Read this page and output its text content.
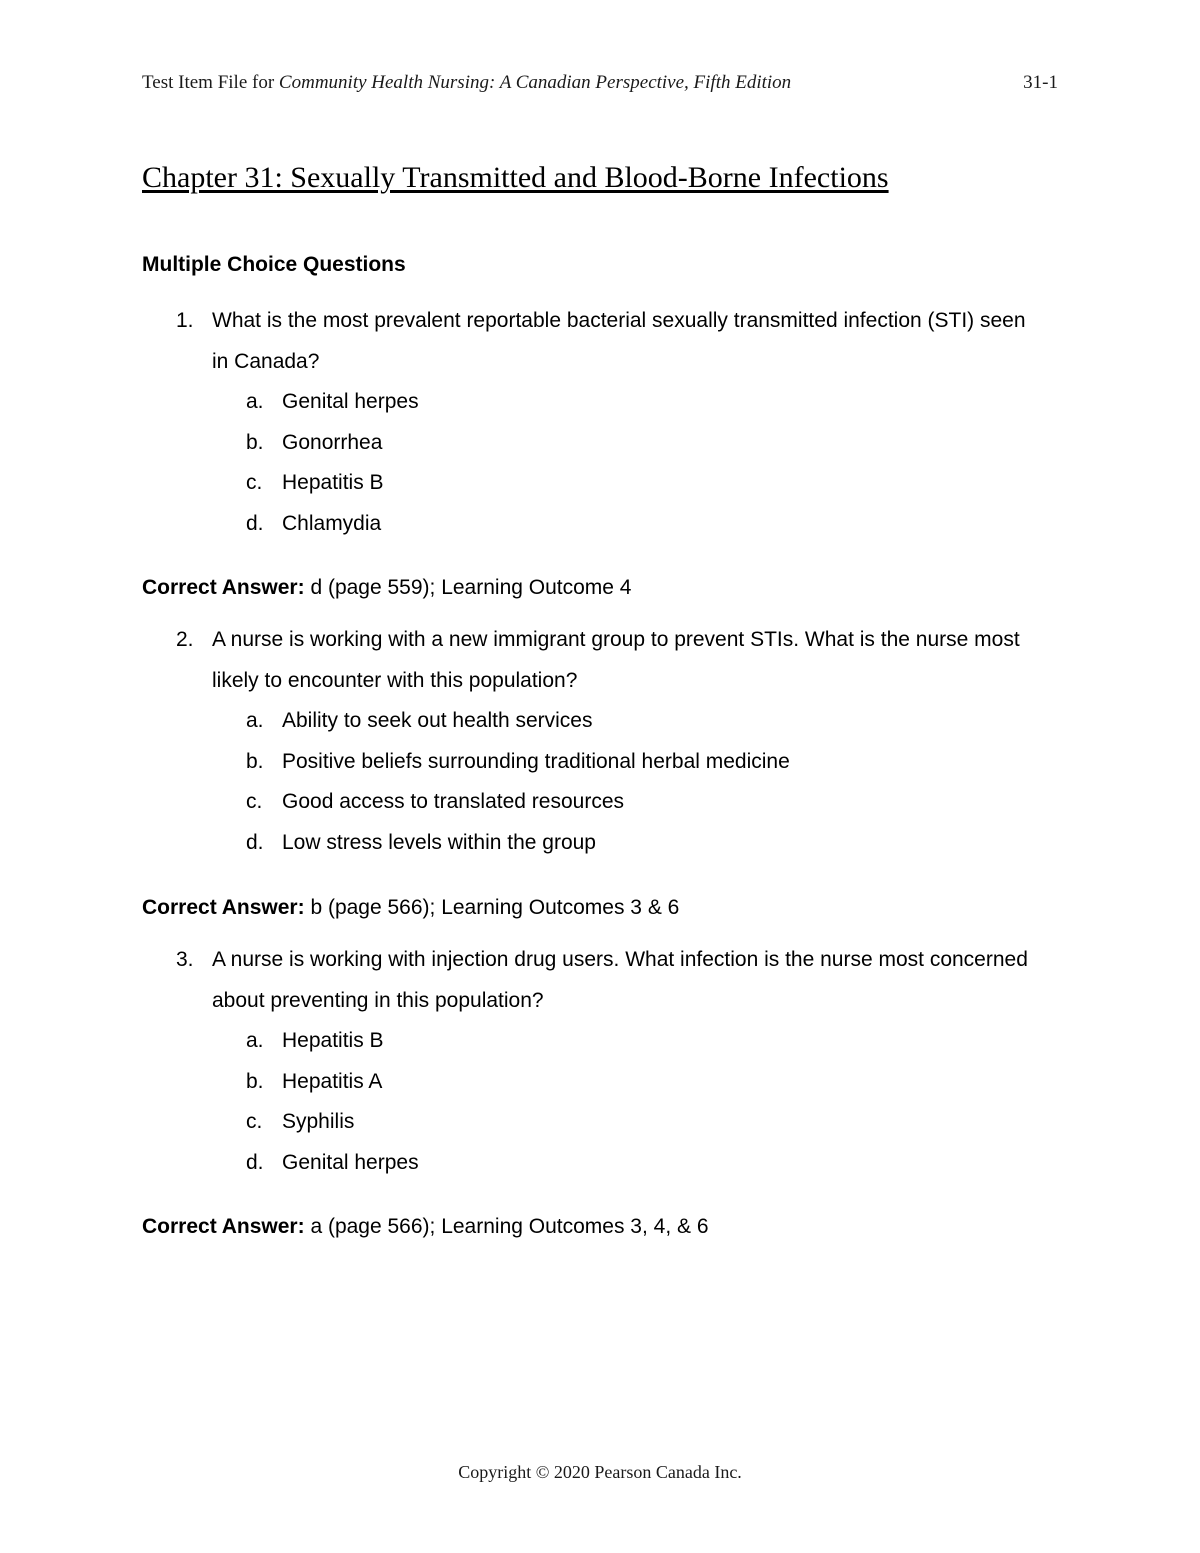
Test Item File for Community Health Nursing: A Canadian Perspective, Fifth Edition	31-1
Chapter 31: Sexually Transmitted and Blood-Borne Infections
Multiple Choice Questions
1. What is the most prevalent reportable bacterial sexually transmitted infection (STI) seen in Canada?

a. Genital herpes
b. Gonorrhea
c. Hepatitis B
d. Chlamydia

Correct Answer: d (page 559); Learning Outcome 4

2. A nurse is working with a new immigrant group to prevent STIs. What is the nurse most likely to encounter with this population?

a. Ability to seek out health services
b. Positive beliefs surrounding traditional herbal medicine
c. Good access to translated resources
d. Low stress levels within the group

Correct Answer: b (page 566); Learning Outcomes 3 & 6

3. A nurse is working with injection drug users. What infection is the nurse most concerned about preventing in this population?

a. Hepatitis B
b. Hepatitis A
c. Syphilis
d. Genital herpes

Correct Answer: a (page 566); Learning Outcomes 3, 4, & 6

Copyright © 2020 Pearson Canada Inc.
